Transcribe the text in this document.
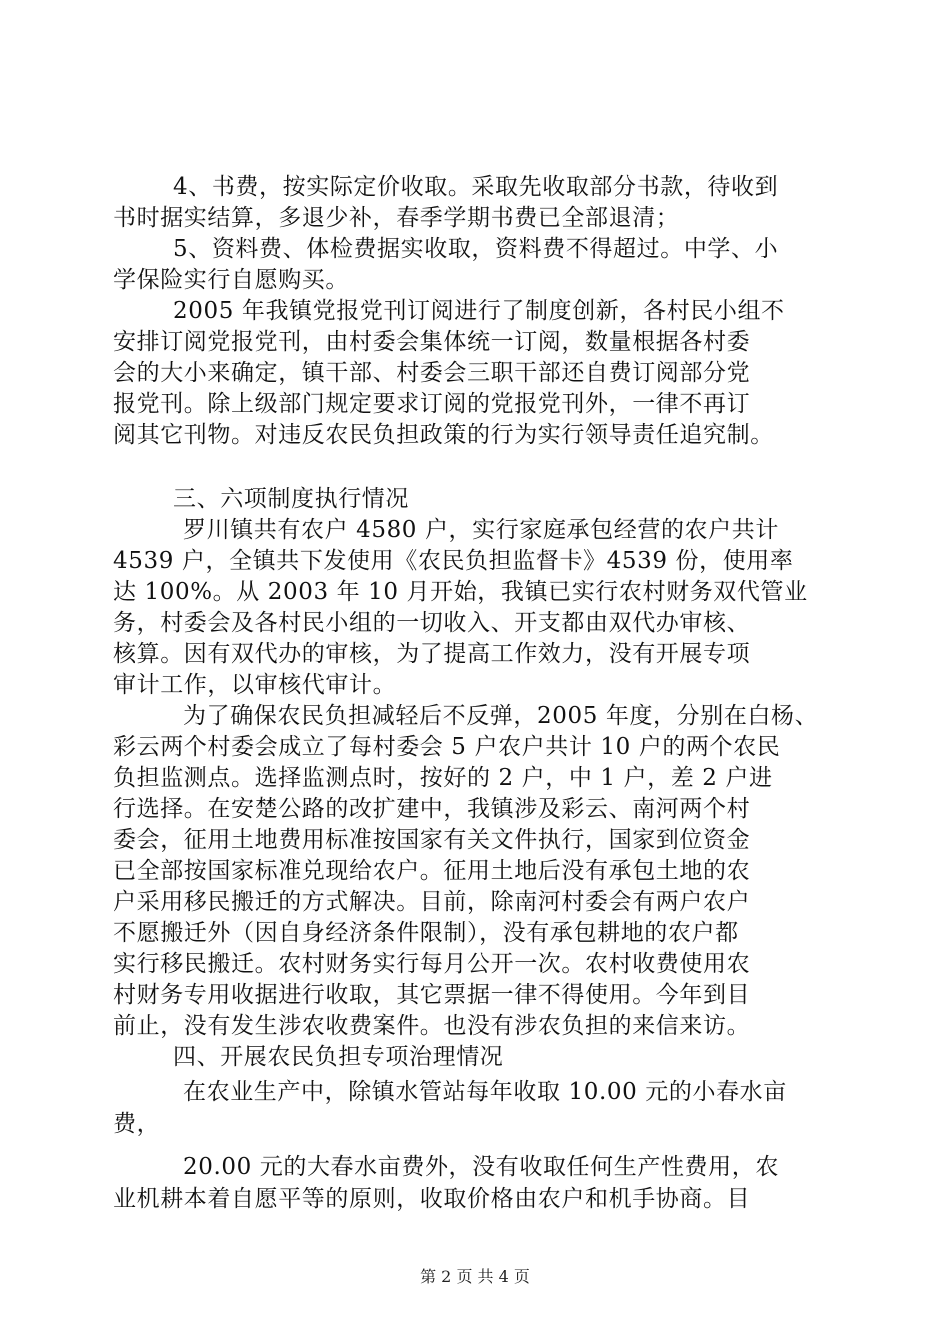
4、书费，按实际定价收取。采取先收取部分书款，待收到
书时据实结算，多退少补，春季学期书费已全部退清；
5、资料费、体检费据实收取，资料费不得超过。中学、小
学保险实行自愿购买。
2005 年我镇党报党刊订阅进行了制度创新，各村民小组不
安排订阅党报党刊，由村委会集体统一订阅，数量根据各村委
会的大小来确定，镇干部、村委会三职干部还自费订阅部分党
报党刊。除上级部门规定要求订阅的党报党刊外，一律不再订
阅其它刊物。对违反农民负担政策的行为实行领导责任追究制。
三、六项制度执行情况
罗川镇共有农户 4580 户，实行家庭承包经营的农户共计
4539 户，全镇共下发使用《农民负担监督卡》4539 份，使用率
达 100%。从 2003 年 10 月开始，我镇已实行农村财务双代管业
务，村委会及各村民小组的一切收入、开支都由双代办审核、
核算。因有双代办的审核，为了提高工作效力，没有开展专项
审计工作，以审核代审计。
为了确保农民负担减轻后不反弹，2005 年度，分别在白杨、
彩云两个村委会成立了每村委会 5 户农户共计 10 户的两个农民
负担监测点。选择监测点时，按好的 2 户，中 1 户，差 2 户进
行选择。在安楚公路的改扩建中，我镇涉及彩云、南河两个村
委会，征用土地费用标准按国家有关文件执行，国家到位资金
已全部按国家标准兑现给农户。征用土地后没有承包土地的农
户采用移民搬迁的方式解决。目前，除南河村委会有两户农户
不愿搬迁外（因自身经济条件限制），没有承包耕地的农户都
实行移民搬迁。农村财务实行每月公开一次。农村收费使用农
村财务专用收据进行收取，其它票据一律不得使用。今年到目
前止，没有发生涉农收费案件。也没有涉农负担的来信来访。
四、开展农民负担专项治理情况
在农业生产中，除镇水管站每年收取 10.00 元的小春水亩
费，
20.00 元的大春水亩费外，没有收取任何生产性费用，农
业机耕本着自愿平等的原则，收取价格由农户和机手协商。目
第 2 页 共 4 页
